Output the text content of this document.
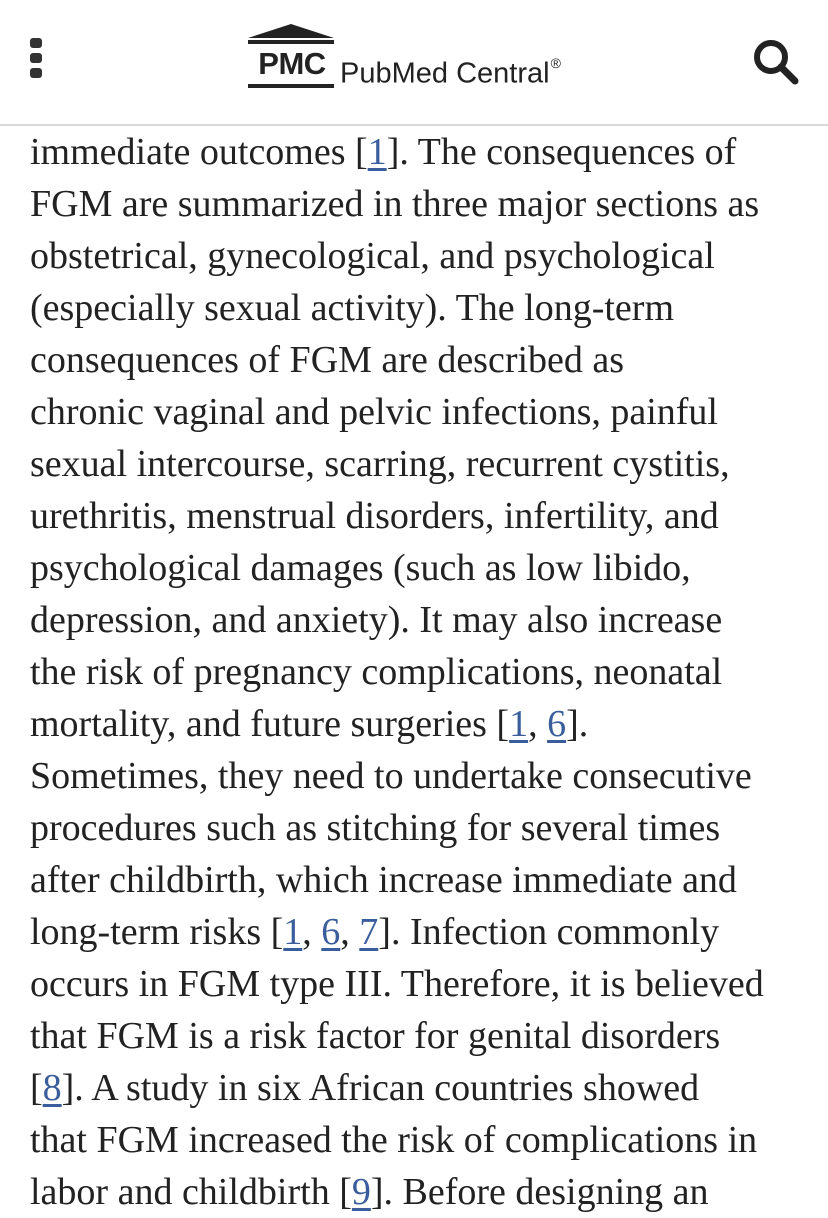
PMC PubMed Central®
immediate outcomes [1]. The consequences of
FGM are summarized in three major sections as
obstetrical, gynecological, and psychological
(especially sexual activity). The long-term
consequences of FGM are described as
chronic vaginal and pelvic infections, painful
sexual intercourse, scarring, recurrent cystitis,
urethritis, menstrual disorders, infertility, and
psychological damages (such as low libido,
depression, and anxiety). It may also increase
the risk of pregnancy complications, neonatal
mortality, and future surgeries [1, 6].
Sometimes, they need to undertake consecutive
procedures such as stitching for several times
after childbirth, which increase immediate and
long-term risks [1, 6, 7]. Infection commonly
occurs in FGM type III. Therefore, it is believed
that FGM is a risk factor for genital disorders
[8]. A study in six African countries showed
that FGM increased the risk of complications in
labor and childbirth [9]. Before designing an
